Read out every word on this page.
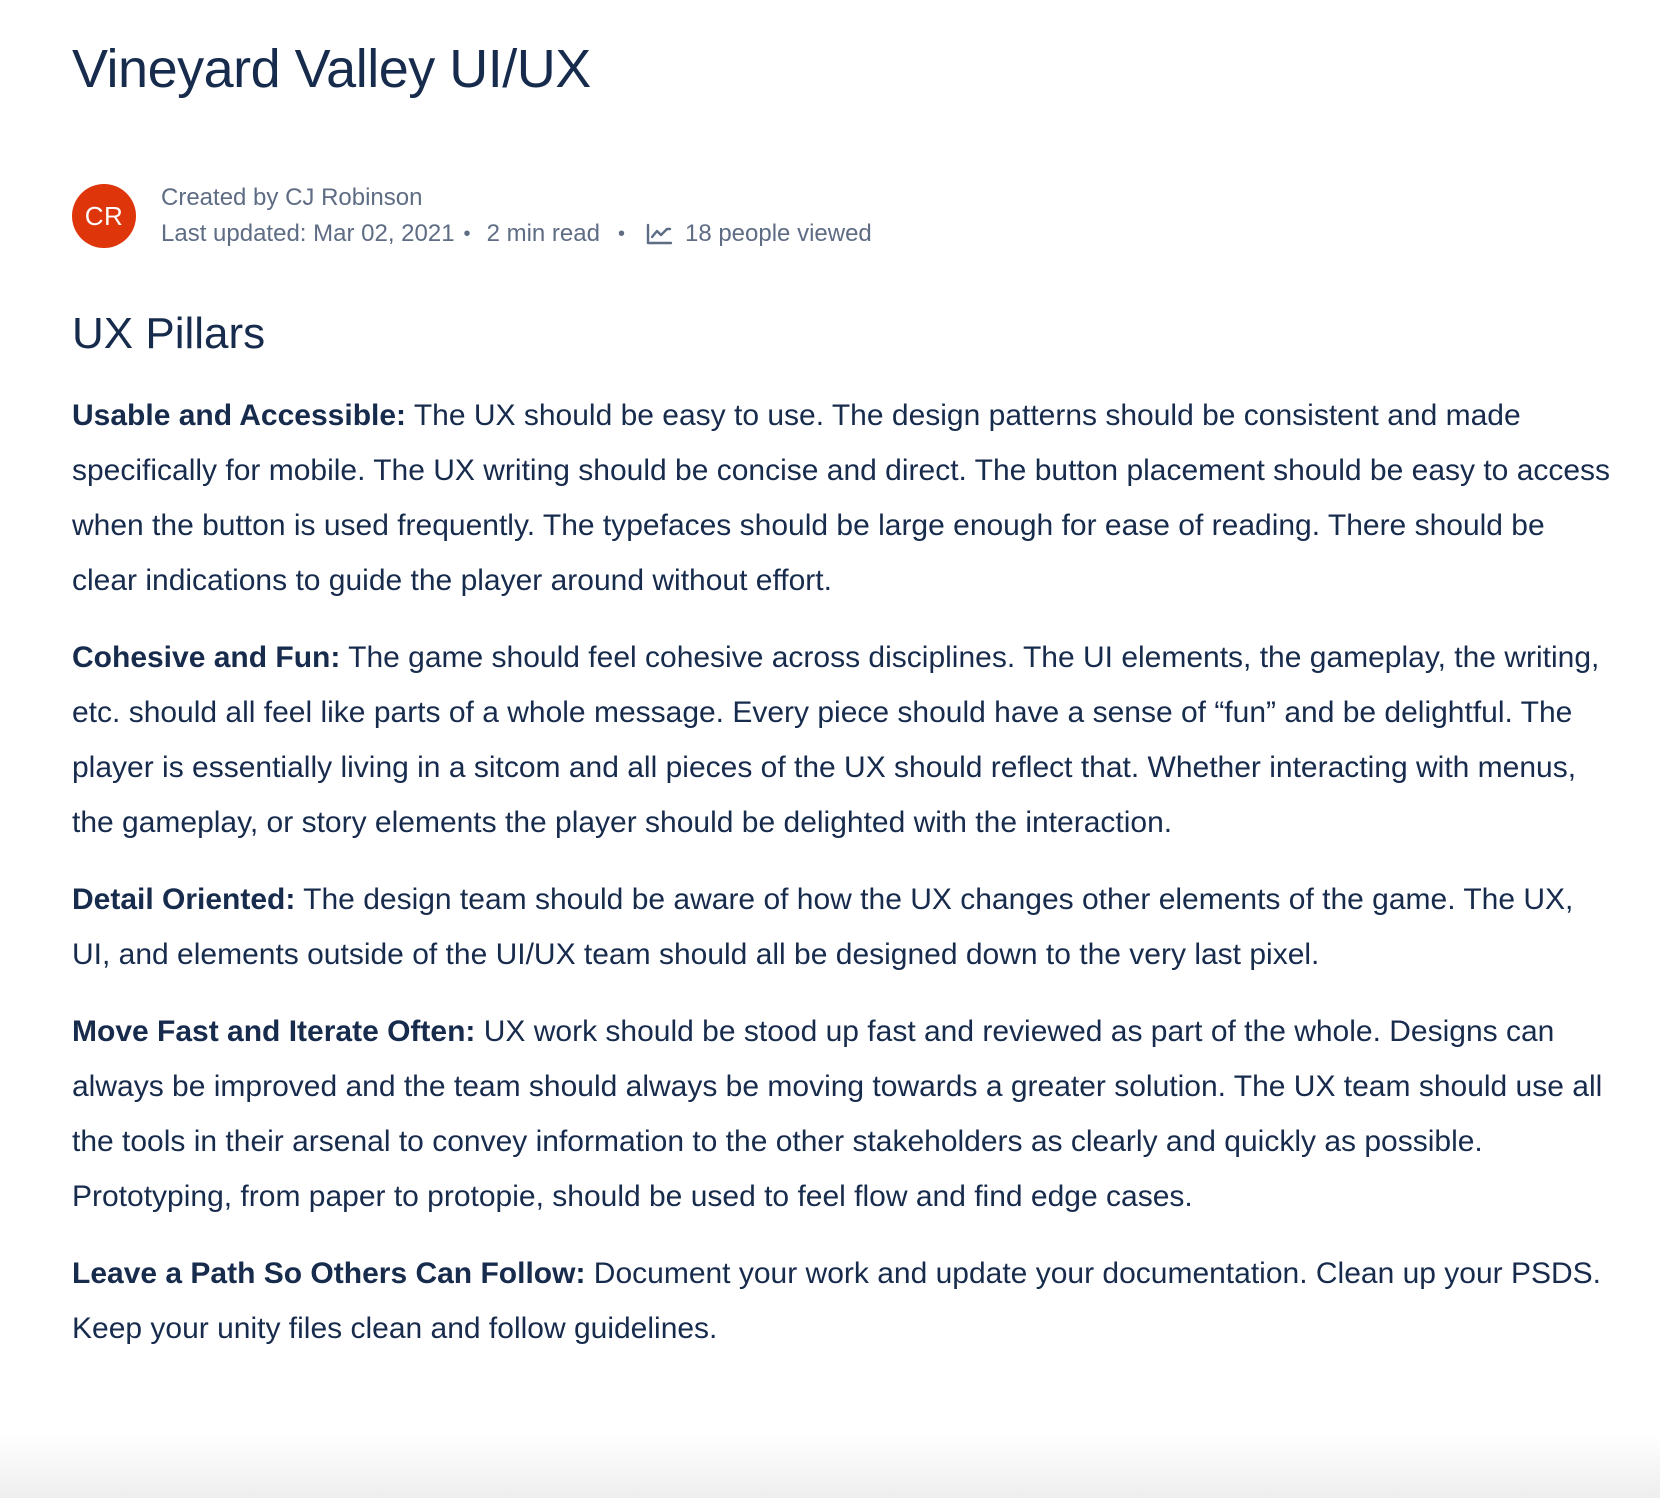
Vineyard Valley UI/UX
CR
Created by CJ Robinson
Last updated: Mar 02, 2021 • 2 min read •	18 people viewed
UX Pillars

Usable and Accessible: The UX should be easy to use. The design patterns should be consistent and made specifically for mobile. The UX writing should be concise and direct. The button placement should be easy to access when the button is used frequently. The typefaces should be large enough for ease of reading. There should be clear indications to guide the player around without effort.

Cohesive and Fun: The game should feel cohesive across disciplines. The UI elements, the gameplay, the writing, etc. should all feel like parts of a whole message. Every piece should have a sense of “fun” and be delightful. The player is essentially living in a sitcom and all pieces of the UX should reflect that. Whether interacting with menus, the gameplay, or story elements the player should be delighted with the interaction.

Detail Oriented: The design team should be aware of how the UX changes other elements of the game. The UX, UI, and elements outside of the UI/UX team should all be designed down to the very last pixel.

Move Fast and Iterate Often: UX work should be stood up fast and reviewed as part of the whole. Designs can always be improved and the team should always be moving towards a greater solution. The UX team should use all the tools in their arsenal to convey information to the other stakeholders as clearly and quickly as possible. Prototyping, from paper to protopie, should be used to feel flow and find edge cases.

Leave a Path So Others Can Follow: Document your work and update your documentation. Clean up your PSDS. Keep your unity files clean and follow guidelines.
